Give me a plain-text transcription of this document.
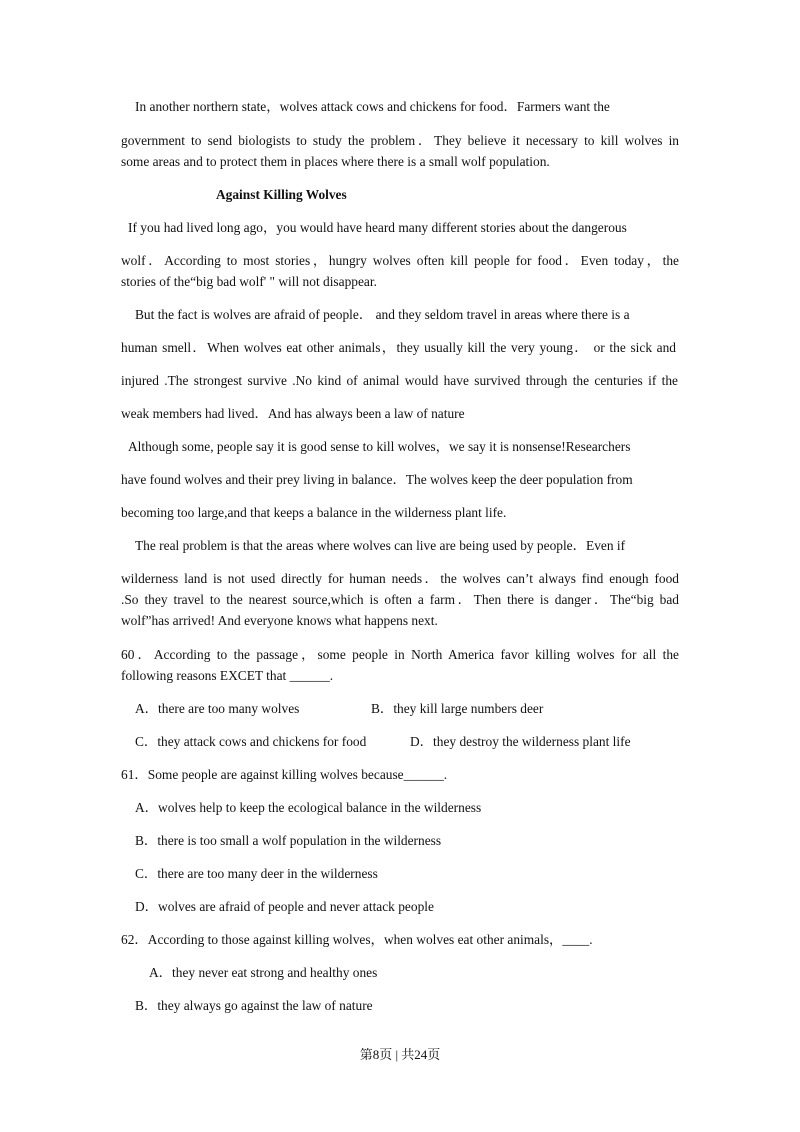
In another northern state，wolves attack cows and chickens for food．Farmers want the
government to send biologists to study the problem．They believe it necessary to kill wolves in
some areas and to protect them in places where there is a small wolf population.
Against Killing Wolves
If you had lived long ago，you would have heard many different stories about the dangerous
wolf．According to most stories，hungry wolves often kill people for food．Even today，the
stories of the“big bad wolf' " will not disappear.
But the fact is wolves are afraid of people． and they seldom travel in areas where there is a
human smell．When wolves eat other animals，they usually kill the very young． or the sick and
injured .The strongest survive .No kind of animal would have survived through the centuries if the
weak members had lived．And has always been a law of nature
Although some, people say it is good sense to kill wolves，we say it is nonsense!Researchers
have found wolves and their prey living in balance．The wolves keep the deer population from
becoming too large,and that keeps a balance in the wilderness plant life.
The real problem is that the areas where wolves can live are being used by people．Even if
wilderness land is not used directly for human needs．the wolves can’t always find enough food
.So they travel to the nearest source,which is often a farm．Then there is danger．The“big bad
wolf”has arrived! And everyone knows what happens next.
60．According to the passage，some people in North America favor killing wolves for all the
following reasons EXCET that ______.
A．there are too many wolves	B．they kill large numbers deer
C．they attack cows and chickens for food	D．they destroy the wilderness plant life
61．Some people are against killing wolves because______.
A．wolves help to keep the ecological balance in the wilderness
B．there is too small a wolf population in the wilderness
C．there are too many deer in the wilderness
D．wolves are afraid of people and never attack people
62．According to those against killing wolves，when wolves eat other animals，____.
A．they never eat strong and healthy ones
B．they always go against the law of nature
第8页 | 共24页
